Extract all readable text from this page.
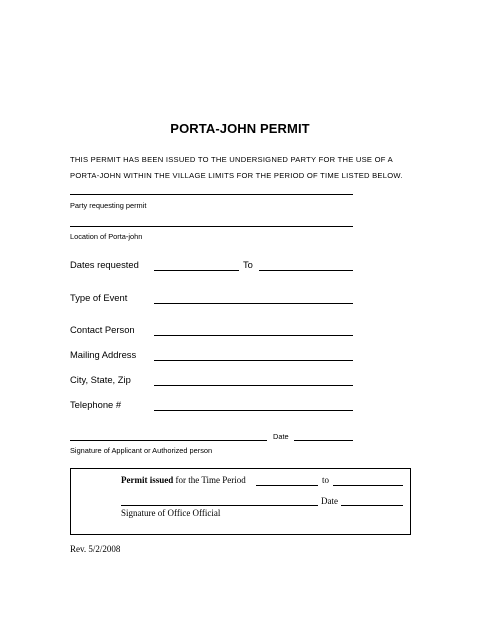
PORTA-JOHN PERMIT
THIS PERMIT HAS BEEN ISSUED TO THE UNDERSIGNED PARTY FOR THE USE OF A
PORTA-JOHN WITHIN THE VILLAGE LIMITS FOR THE PERIOD OF TIME LISTED BELOW.
Party requesting permit
Location of Porta-john
Dates requested	To
Type of Event
Contact Person
Mailing Address
City, State, Zip
Telephone #
Date
Signature of Applicant or Authorized person
Permit issued for the Time Period	to
Date
Signature of Office Official
Rev. 5/2/2008
